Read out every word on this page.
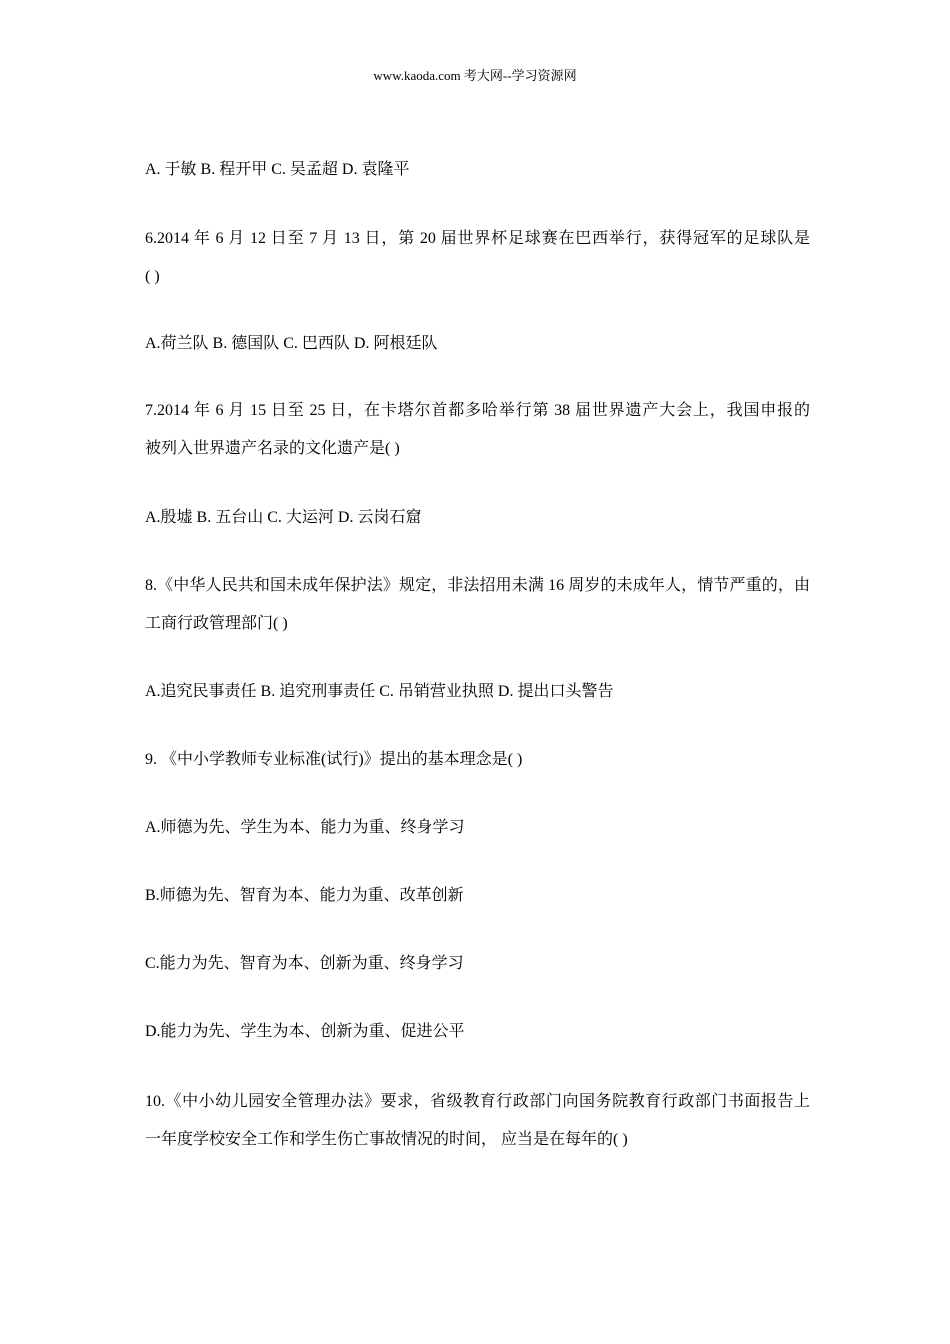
www.kaoda.com 考大网--学习资源网
A. 于敏 B. 程开甲 C. 吴孟超 D. 袁隆平
6.2014 年 6 月 12 日至 7 月 13 日，第 20 届世界杯足球赛在巴西举行，获得冠军的足球队是
( )
A.荷兰队 B. 德国队 C. 巴西队 D. 阿根廷队
7.2014 年 6 月 15 日至 25 日，在卡塔尔首都多哈举行第 38 届世界遗产大会上，我国申报的
被列入世界遗产名录的文化遗产是( )
A.殷墟 B. 五台山 C. 大运河 D. 云岗石窟
8.《中华人民共和国未成年保护法》规定，非法招用未满 16 周岁的未成年人，情节严重的，由
工商行政管理部门( )
A.追究民事责任 B. 追究刑事责任 C. 吊销营业执照 D. 提出口头警告
9. 《中小学教师专业标准(试行)》提出的基本理念是( )
A.师德为先、学生为本、能力为重、终身学习
B.师德为先、智育为本、能力为重、改革创新
C.能力为先、智育为本、创新为重、终身学习
D.能力为先、学生为本、创新为重、促进公平
10.《中小幼儿园安全管理办法》要求，省级教育行政部门向国务院教育行政部门书面报告上
一年度学校安全工作和学生伤亡事故情况的时间， 应当是在每年的( )
